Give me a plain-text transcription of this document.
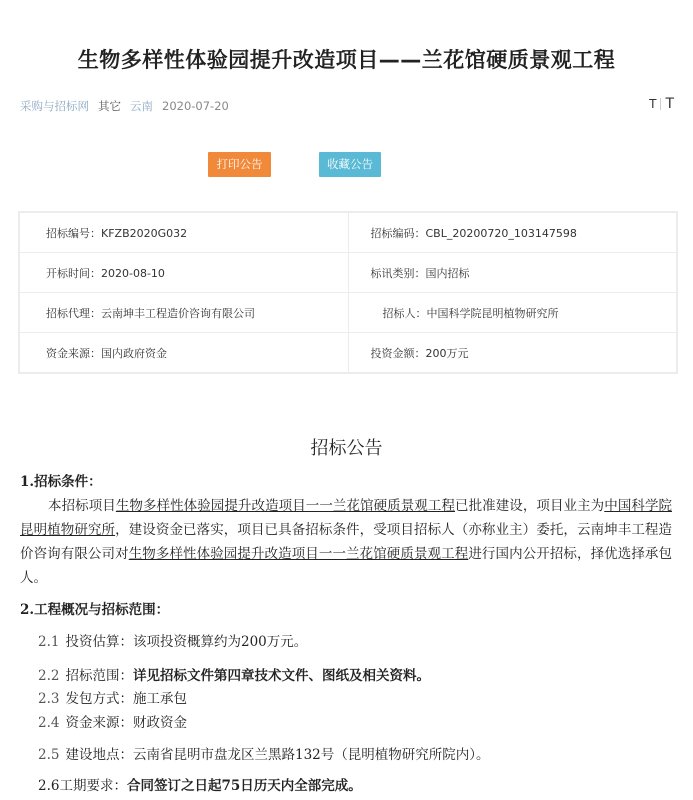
生物多样性体验园提升改造项目——兰花馆硬质景观工程
采购与招标网 其它 云南 2020-07-20	T T
打印公告	收藏公告
招标编号：KFZB2020G032	招标编码：CBL_20200720_103147598
开标时间：2020-08-10	标讯类别：国内招标
招标代理：云南坤丰工程造价咨询有限公司	招标人：中国科学院昆明植物研究所
资金来源：国内政府资金	投资金额：200万元
招标公告
1.招标条件：

本招标项目生物多样性体验园提升改造项目一一兰花馆硬质景观工程已批准建设，项目业主为中国科学院昆明植物研究所，建设资金已落实，项目已具备招标条件，受项目招标人（亦称业主）委托，云南坤丰工程造价咨询有限公司对生物多样性体验园提升改造项目一一兰花馆硬质景观工程进行国内公开招标，择优选择承包人。

2.工程概况与招标范围：
2.1 投资估算：该项投资概算约为200万元。
2.2 招标范围：详见招标文件第四章技术文件、图纸及相关资料。
2.3 发包方式：施工承包
2.4 资金来源：财政资金
2.5 建设地点：云南省昆明市盘龙区兰黑路132号（昆明植物研究所院内）。
2.6工期要求：合同签订之日起75日历天内全部完成。
